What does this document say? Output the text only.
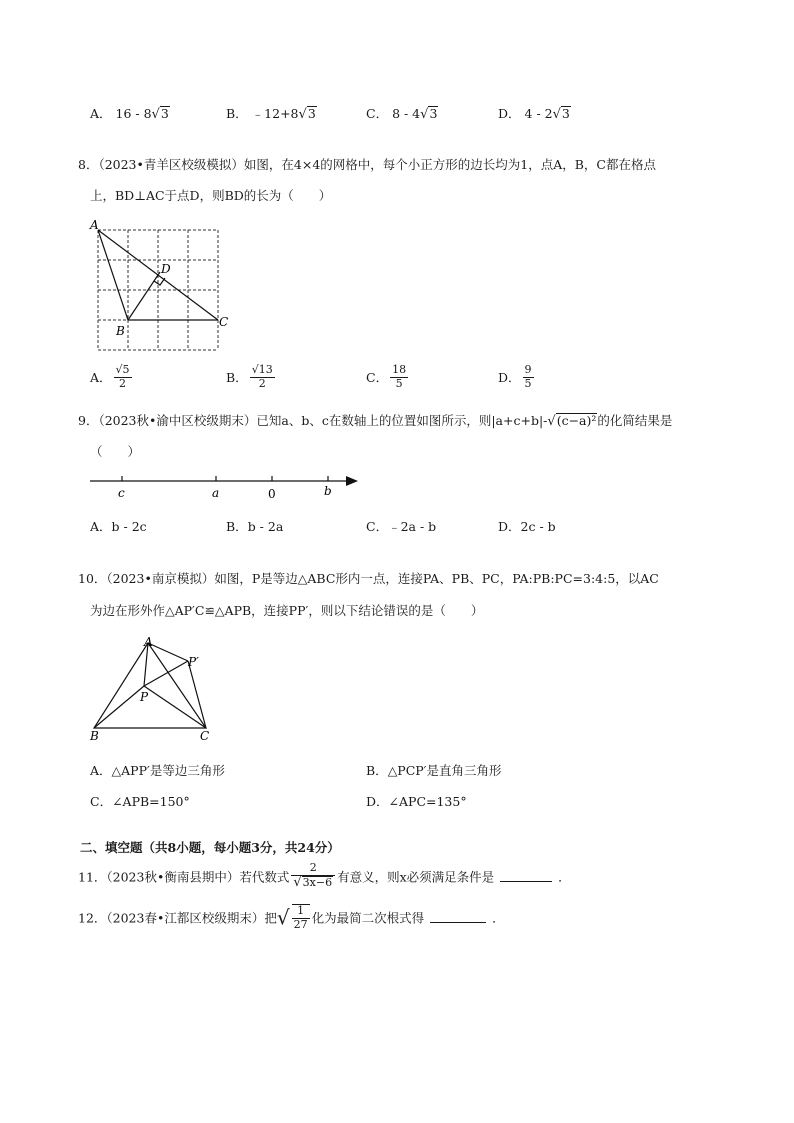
A． 16 - 8√3	B． ﹣12+8√3	C． 8 - 4√3	D． 4 - 2√3
8．（2023•青羊区校级模拟）如图，在4×4的网格中，每个小正方形的边长均为1，点A，B，C都在格点
上，BD⊥AC于点D，则BD的长为（　　）
A
B
C
D
A． $\frac{√5}{2}$	B． $\frac{√13}{2}$	C． $\frac{18}{5}$	D． $\frac{9}{5}$
9．（2023秋•渝中区校级期末）已知a、b、c在数轴上的位置如图所示，则|a+c+b|-√(c−a)²的化简结果是
（　　）
c	a	0	b
A．b - 2c	B．b - 2a	C．﹣2a - b	D．2c - b
10．（2023•南京模拟）如图，P是等边△ABC形内一点，连接PA、PB、PC，PA:PB:PC=3:4:5，以AC
为边在形外作△AP′C≌△APB，连接PP′，则以下结论错误的是（　　）
A
B	C
P
P′
A．△APP′是等边三角形	B．△PCP′是直角三角形
C．∠APB=150°	D．∠APC=135°
二、填空题（共8小题，每小题3分，共24分）
11．（2023秋•衡南县期中）若代数式 $\frac{2}{√3x-6}$ 有意义，则x必须满足条件是	．
12．（2023春•江都区校级期末）把√ $\frac{1}{27}$ 化为最简二次根式得	．
